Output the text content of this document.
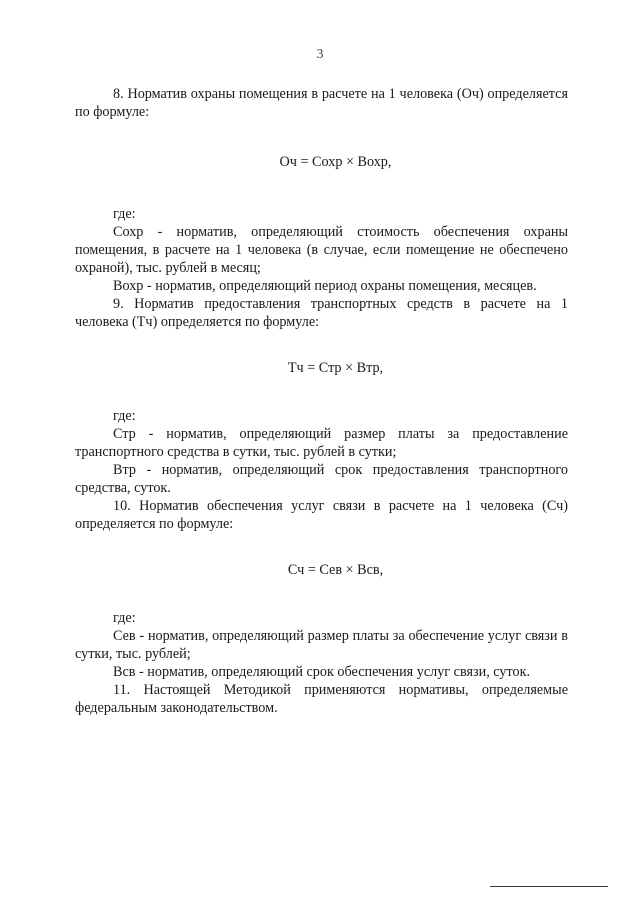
3

8. Норматив охраны помещения в расчете на 1 человека (Оч) определяется по формуле:

Оч = Сохр × Вохр,

где:

Сохр - норматив, определяющий стоимость обеспечения охраны помещения, в расчете на 1 человека (в случае, если помещение не обеспечено охраной), тыс. рублей в месяц;

Вохр - норматив, определяющий период охраны помещения, месяцев.

9. Норматив предоставления транспортных средств в расчете на 1 человека (Тч) определяется по формуле:

Тч = Стр × Втр,

где:

Стр - норматив, определяющий размер платы за предоставление транспортного средства в сутки, тыс. рублей в сутки;

Втр - норматив, определяющий срок предоставления транспортного средства, суток.

10. Норматив обеспечения услуг связи в расчете на 1 человека (Сч) определяется по формуле:

Сч = Сев × Всв,

где:

Сев - норматив, определяющий размер платы за обеспечение услуг связи в сутки, тыс. рублей;

Всв - норматив, определяющий срок обеспечения услуг связи, суток.

11. Настоящей Методикой применяются нормативы, определяемые федеральным законодательством.
